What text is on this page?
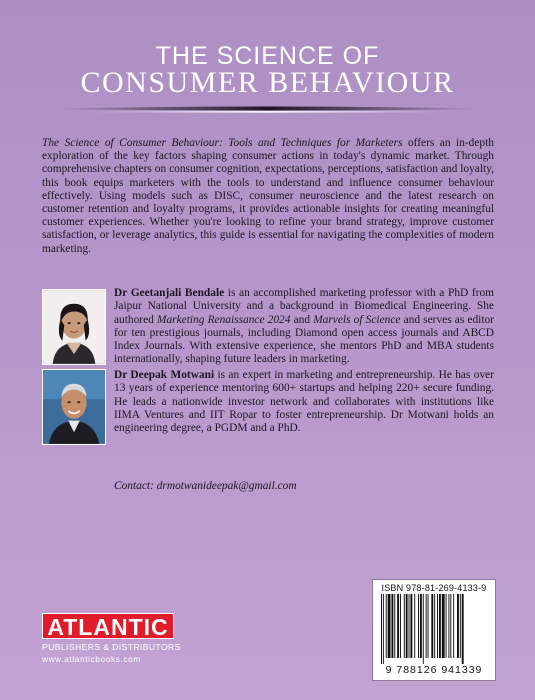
THE SCIENCE OF
CONSUMER BEHAVIOUR
The Science of Consumer Behaviour: Tools and Techniques for Marketers offers an in-depth exploration of the key factors shaping consumer actions in today's dynamic market. Through comprehensive chapters on consumer cognition, expectations, perceptions, satisfaction and loyalty, this book equips marketers with the tools to understand and influence consumer behaviour effectively. Using models such as DISC, consumer neuroscience and the latest research on customer retention and loyalty programs, it provides actionable insights for creating meaningful customer experiences. Whether you're looking to refine your brand strategy, improve customer satisfaction, or leverage analytics, this guide is essential for navigating the complexities of modern marketing.
Dr Geetanjali Bendale is an accomplished marketing professor with a PhD from Jaipur National University and a background in Biomedical Engineering. She authored Marketing Renaissance 2024 and Marvels of Science and serves as editor for ten prestigious journals, including Diamond open access journals and ABCD Index Journals. With extensive experience, she mentors PhD and MBA students internationally, shaping future leaders in marketing.
Dr Deepak Motwani is an expert in marketing and entrepreneurship. He has over 13 years of experience mentoring 600+ startups and helping 220+ secure funding. He leads a nationwide investor network and collaborates with institutions like IIMA Ventures and IIT Ropar to foster entrepreneurship. Dr Motwani holds an engineering degree, a PGDM and a PhD.
Contact: drmotwanideepak@gmail.com
ATLANTIC
PUBLISHERS & DISTRIBUTORS
www.atlanticbooks.com
ISBN 978-81-269-4133-9
9 788126 941339
